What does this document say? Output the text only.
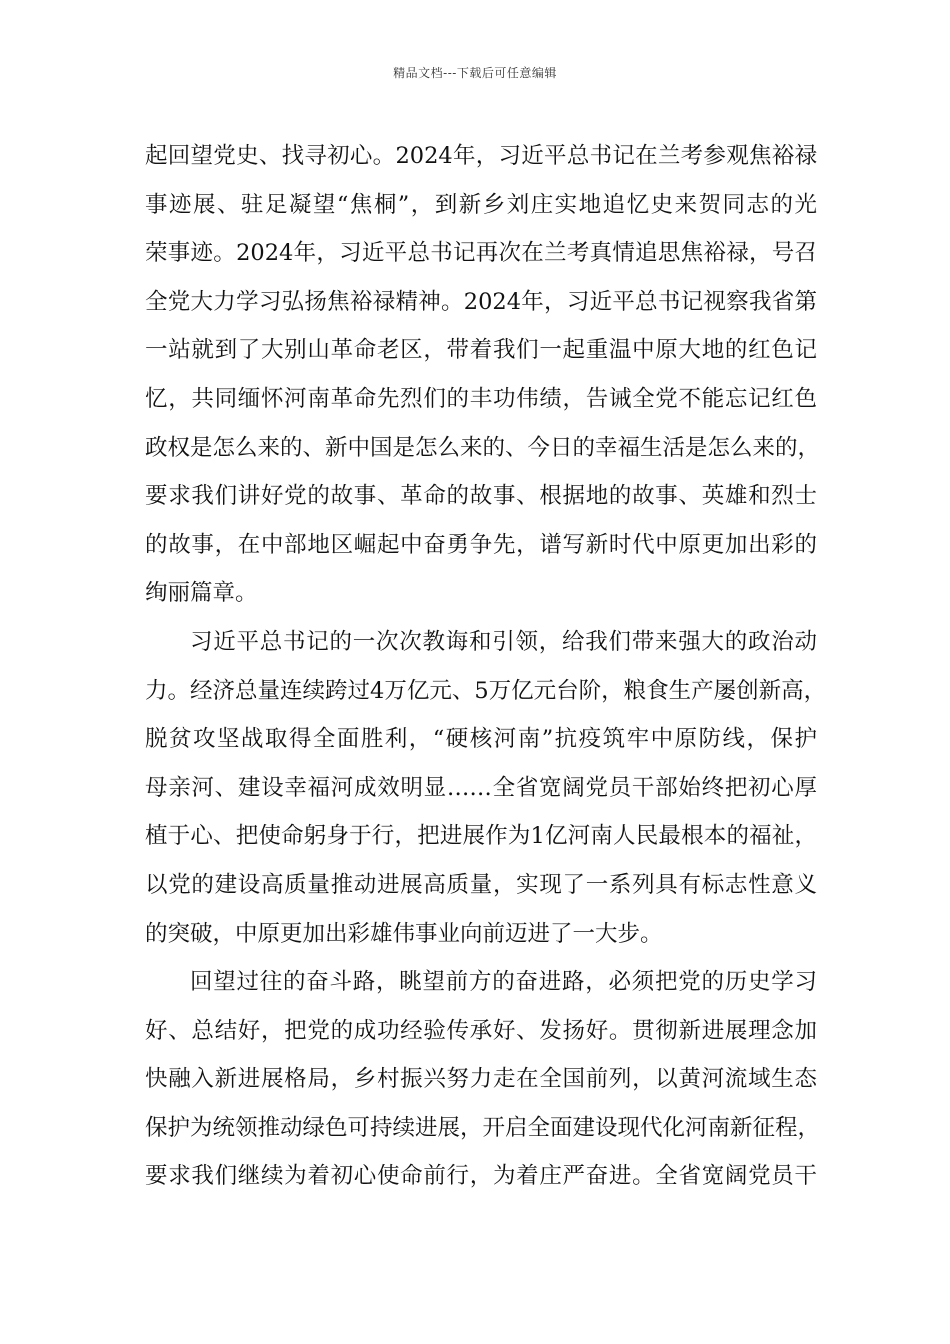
精品文档---下载后可任意编辑
起回望党史、找寻初心。2024年，习近平总书记在兰考参观焦裕禄
事迹展、驻足凝望“焦桐”，到新乡刘庄实地追忆史来贺同志的光
荣事迹。2024年，习近平总书记再次在兰考真情追思焦裕禄，号召
全党大力学习弘扬焦裕禄精神。2024年，习近平总书记视察我省第
一站就到了大别山革命老区，带着我们一起重温中原大地的红色记
忆，共同缅怀河南革命先烈们的丰功伟绩，告诫全党不能忘记红色
政权是怎么来的、新中国是怎么来的、今日的幸福生活是怎么来的，
要求我们讲好党的故事、革命的故事、根据地的故事、英雄和烈士
的故事，在中部地区崛起中奋勇争先，谱写新时代中原更加出彩的
绚丽篇章。
习近平总书记的一次次教诲和引领，给我们带来强大的政治动
力。经济总量连续跨过4万亿元、5万亿元台阶，粮食生产屡创新高，
脱贫攻坚战取得全面胜利，“硬核河南”抗疫筑牢中原防线，保护
母亲河、建设幸福河成效明显……全省宽阔党员干部始终把初心厚
植于心、把使命躬身于行，把进展作为1亿河南人民最根本的福祉，
以党的建设高质量推动进展高质量，实现了一系列具有标志性意义
的突破，中原更加出彩雄伟事业向前迈进了一大步。
回望过往的奋斗路，眺望前方的奋进路，必须把党的历史学习
好、总结好，把党的成功经验传承好、发扬好。贯彻新进展理念加
快融入新进展格局，乡村振兴努力走在全国前列，以黄河流域生态
保护为统领推动绿色可持续进展，开启全面建设现代化河南新征程，
要求我们继续为着初心使命前行，为着庄严奋进。全省宽阔党员干
